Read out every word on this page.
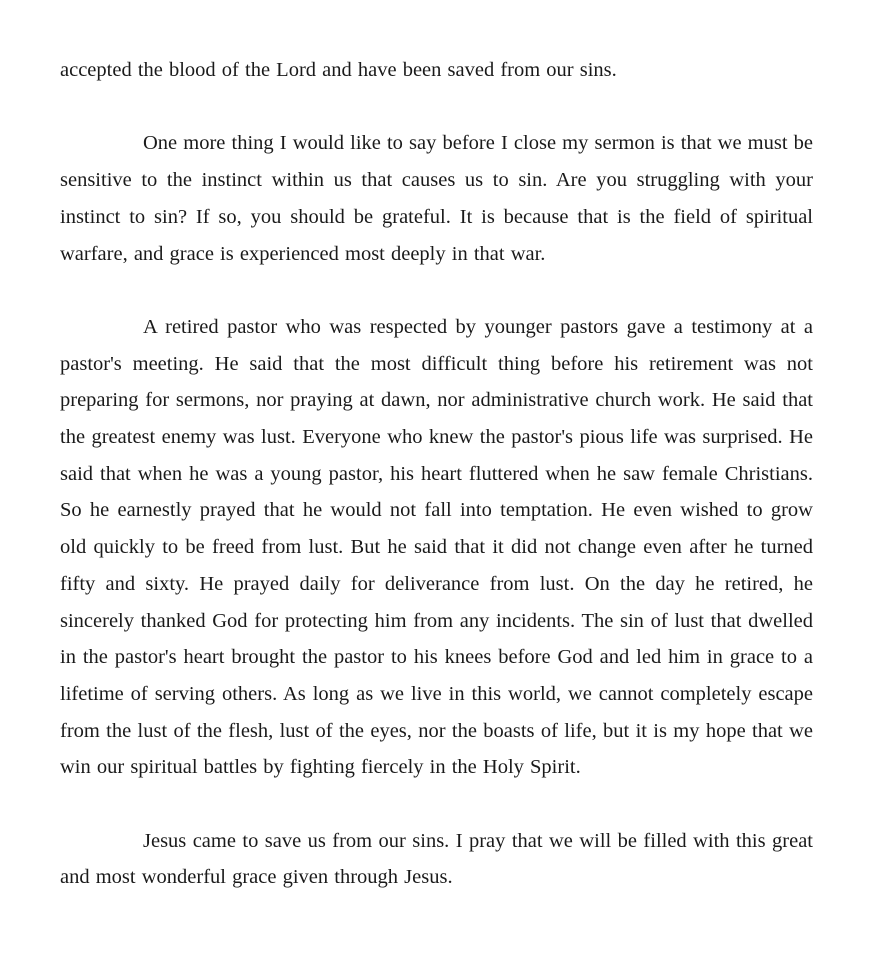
accepted the blood of the Lord and have been saved from our sins.

One more thing I would like to say before I close my sermon is that we must be sensitive to the instinct within us that causes us to sin. Are you struggling with your instinct to sin? If so, you should be grateful. It is because that is the field of spiritual warfare, and grace is experienced most deeply in that war.

A retired pastor who was respected by younger pastors gave a testimony at a pastor's meeting. He said that the most difficult thing before his retirement was not preparing for sermons, nor praying at dawn, nor administrative church work. He said that the greatest enemy was lust. Everyone who knew the pastor's pious life was surprised. He said that when he was a young pastor, his heart fluttered when he saw female Christians. So he earnestly prayed that he would not fall into temptation. He even wished to grow old quickly to be freed from lust. But he said that it did not change even after he turned fifty and sixty. He prayed daily for deliverance from lust. On the day he retired, he sincerely thanked God for protecting him from any incidents. The sin of lust that dwelled in the pastor's heart brought the pastor to his knees before God and led him in grace to a lifetime of serving others. As long as we live in this world, we cannot completely escape from the lust of the flesh, lust of the eyes, nor the boasts of life, but it is my hope that we win our spiritual battles by fighting fiercely in the Holy Spirit.

Jesus came to save us from our sins. I pray that we will be filled with this great and most wonderful grace given through Jesus.
